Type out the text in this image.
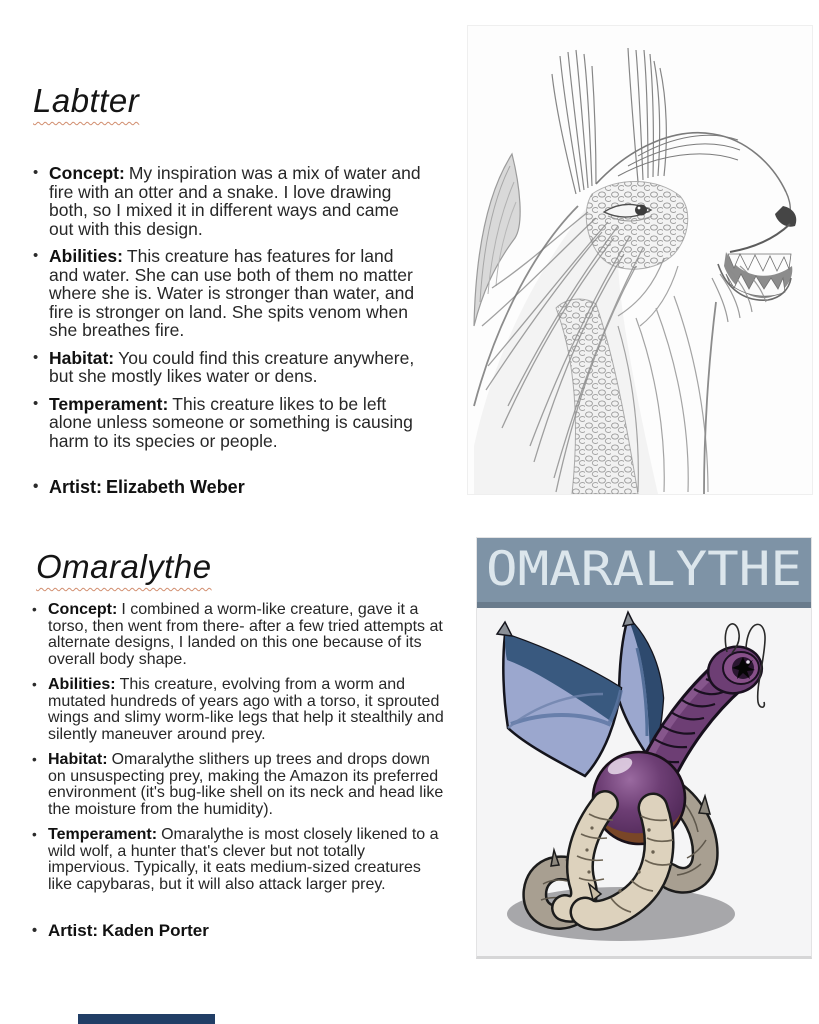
Labtter
• Concept: My inspiration was a mix of water and fire with an otter and a snake. I love drawing both, so I mixed it in different ways and came out with this design.
• Abilities: This creature has features for land and water. She can use both of them no matter where she is. Water is stronger than water, and fire is stronger on land. She spits venom when she breathes fire.
• Habitat: You could find this creature anywhere, but she mostly likes water or dens.
• Temperament: This creature likes to be left alone unless someone or something is causing harm to its species or people.
• Artist: Elizabeth Weber
Omaralythe
• Concept: I combined a worm-like creature, gave it a torso, then went from there- after a few tried attempts at alternate designs, I landed on this one because of its overall body shape.
• Abilities: This creature, evolving from a worm and mutated hundreds of years ago with a torso, it sprouted wings and slimy worm-like legs that help it stealthily and silently maneuver around prey.
• Habitat: Omaralythe slithers up trees and drops down on unsuspecting prey, making the Amazon its preferred environment (it's bug-like shell on its neck and head like the moisture from the humidity).
• Temperament: Omaralythe is most closely likened to a wild wolf, a hunter that's clever but not totally impervious. Typically, it eats medium-sized creatures like capybaras, but it will also attack larger prey.
• Artist: Kaden Porter
OMARALYTHE
